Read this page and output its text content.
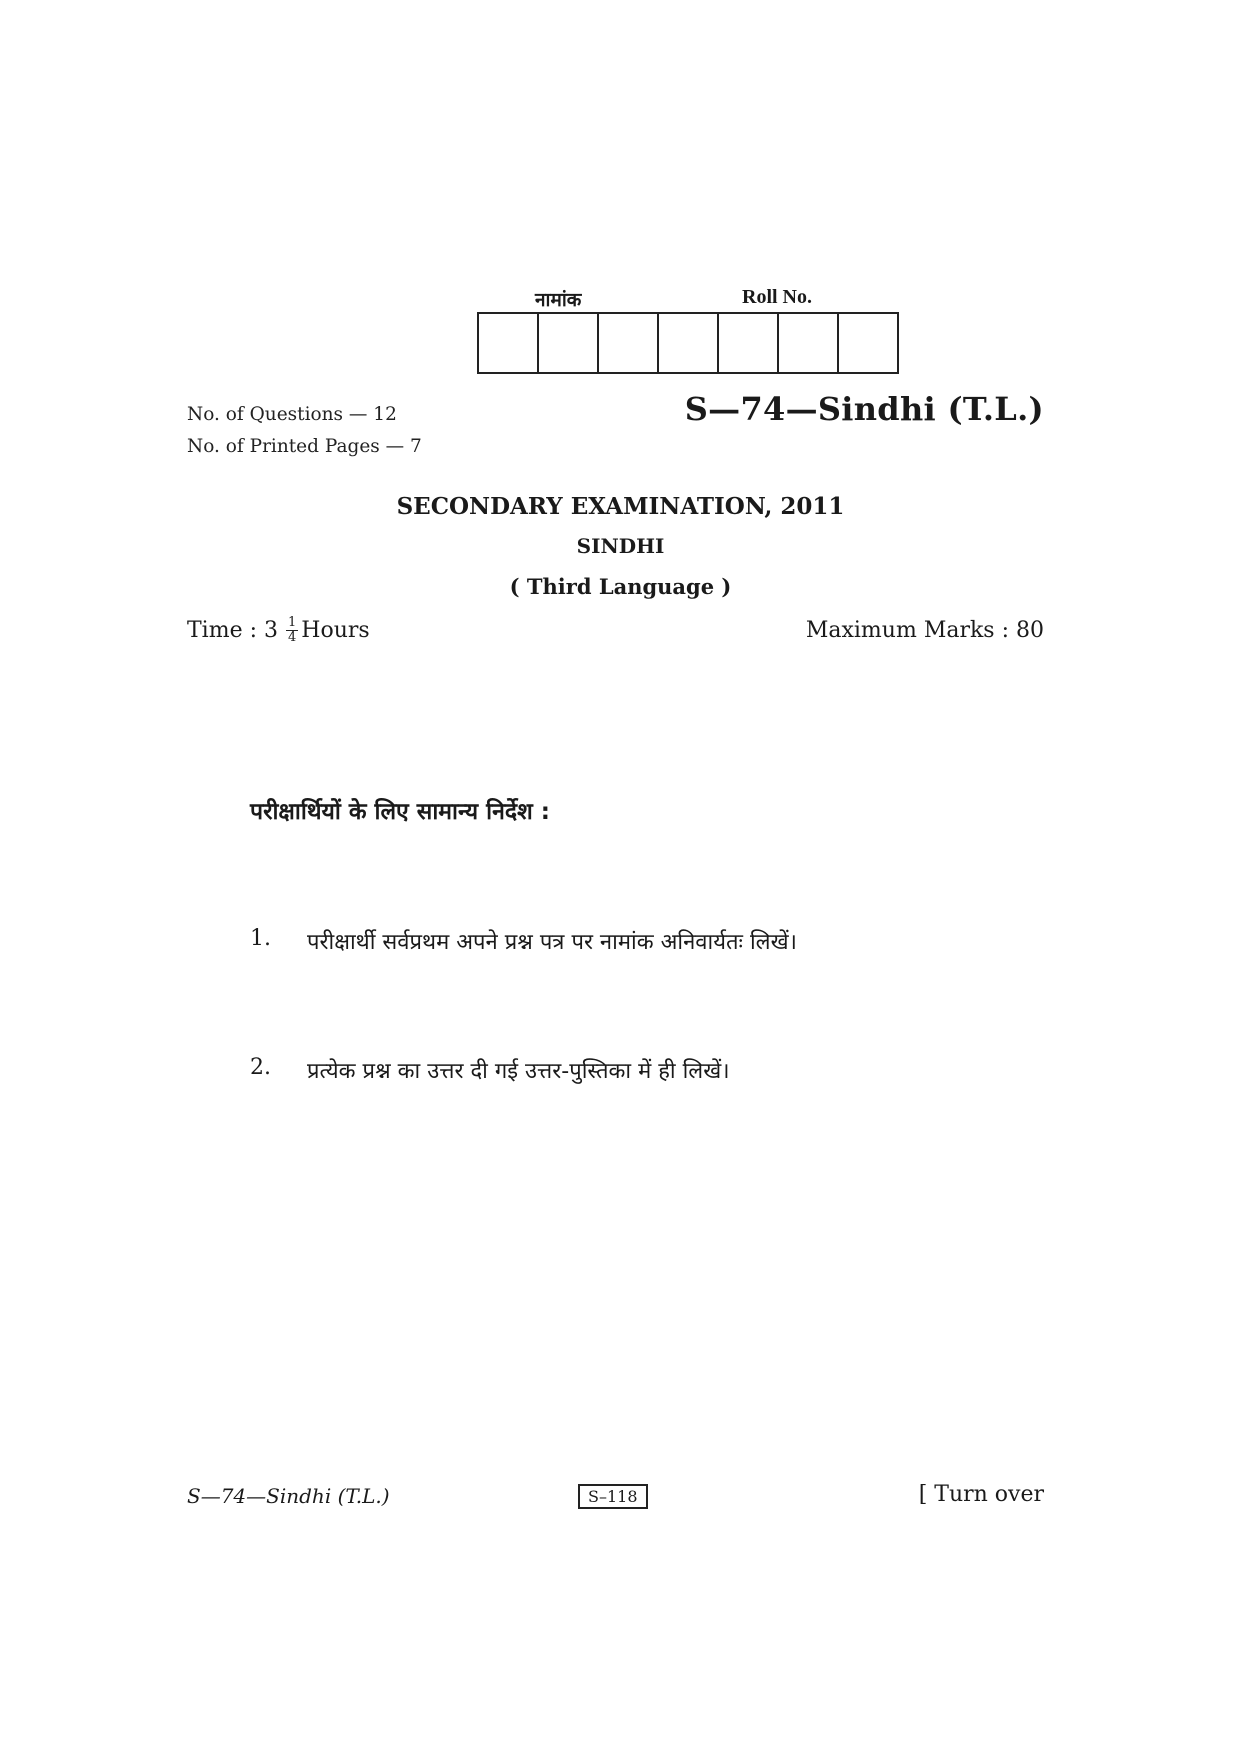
नामांक	Roll No.
No. of Questions — 12
No. of Printed Pages — 7
S—74—Sindhi (T.L.)
SECONDARY EXAMINATION, 2011
SINDHI
( Third Language )
Time : $3 \frac{1}{4}$ Hours	Maximum Marks : 80
परीक्षार्थियों के लिए सामान्य निर्देश :
1.	परीक्षार्थी सर्वप्रथम अपने प्रश्न पत्र पर नामांक अनिवार्यतः लिखें।
2.	प्रत्येक प्रश्न का उत्तर दी गई उत्तर-पुस्तिका में ही लिखें।
S—74—Sindhi (T.L.)	S–118	[ Turn over
